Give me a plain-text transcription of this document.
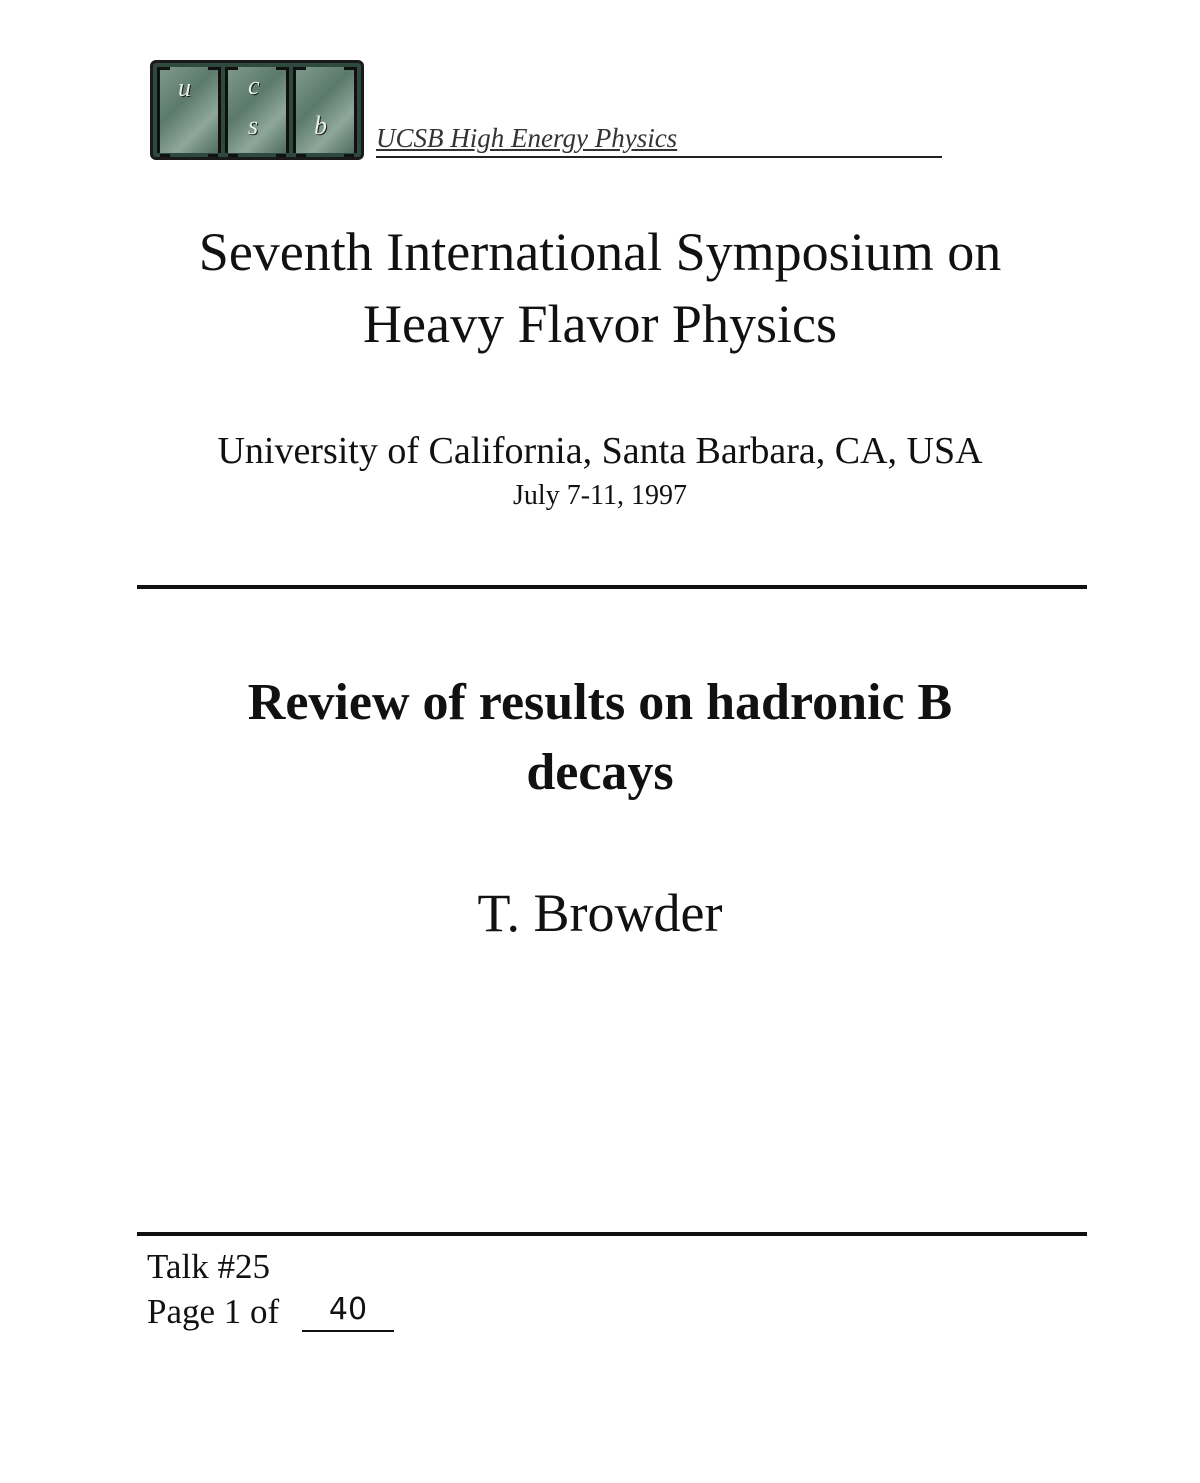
u c
s b UCSB High Energy Physics
Seventh International Symposium on
Heavy Flavor Physics
University of California, Santa Barbara, CA, USA
July 7-11, 1997
Review of results on hadronic B
decays
T. Browder
Talk #25
Page 1 of 40
